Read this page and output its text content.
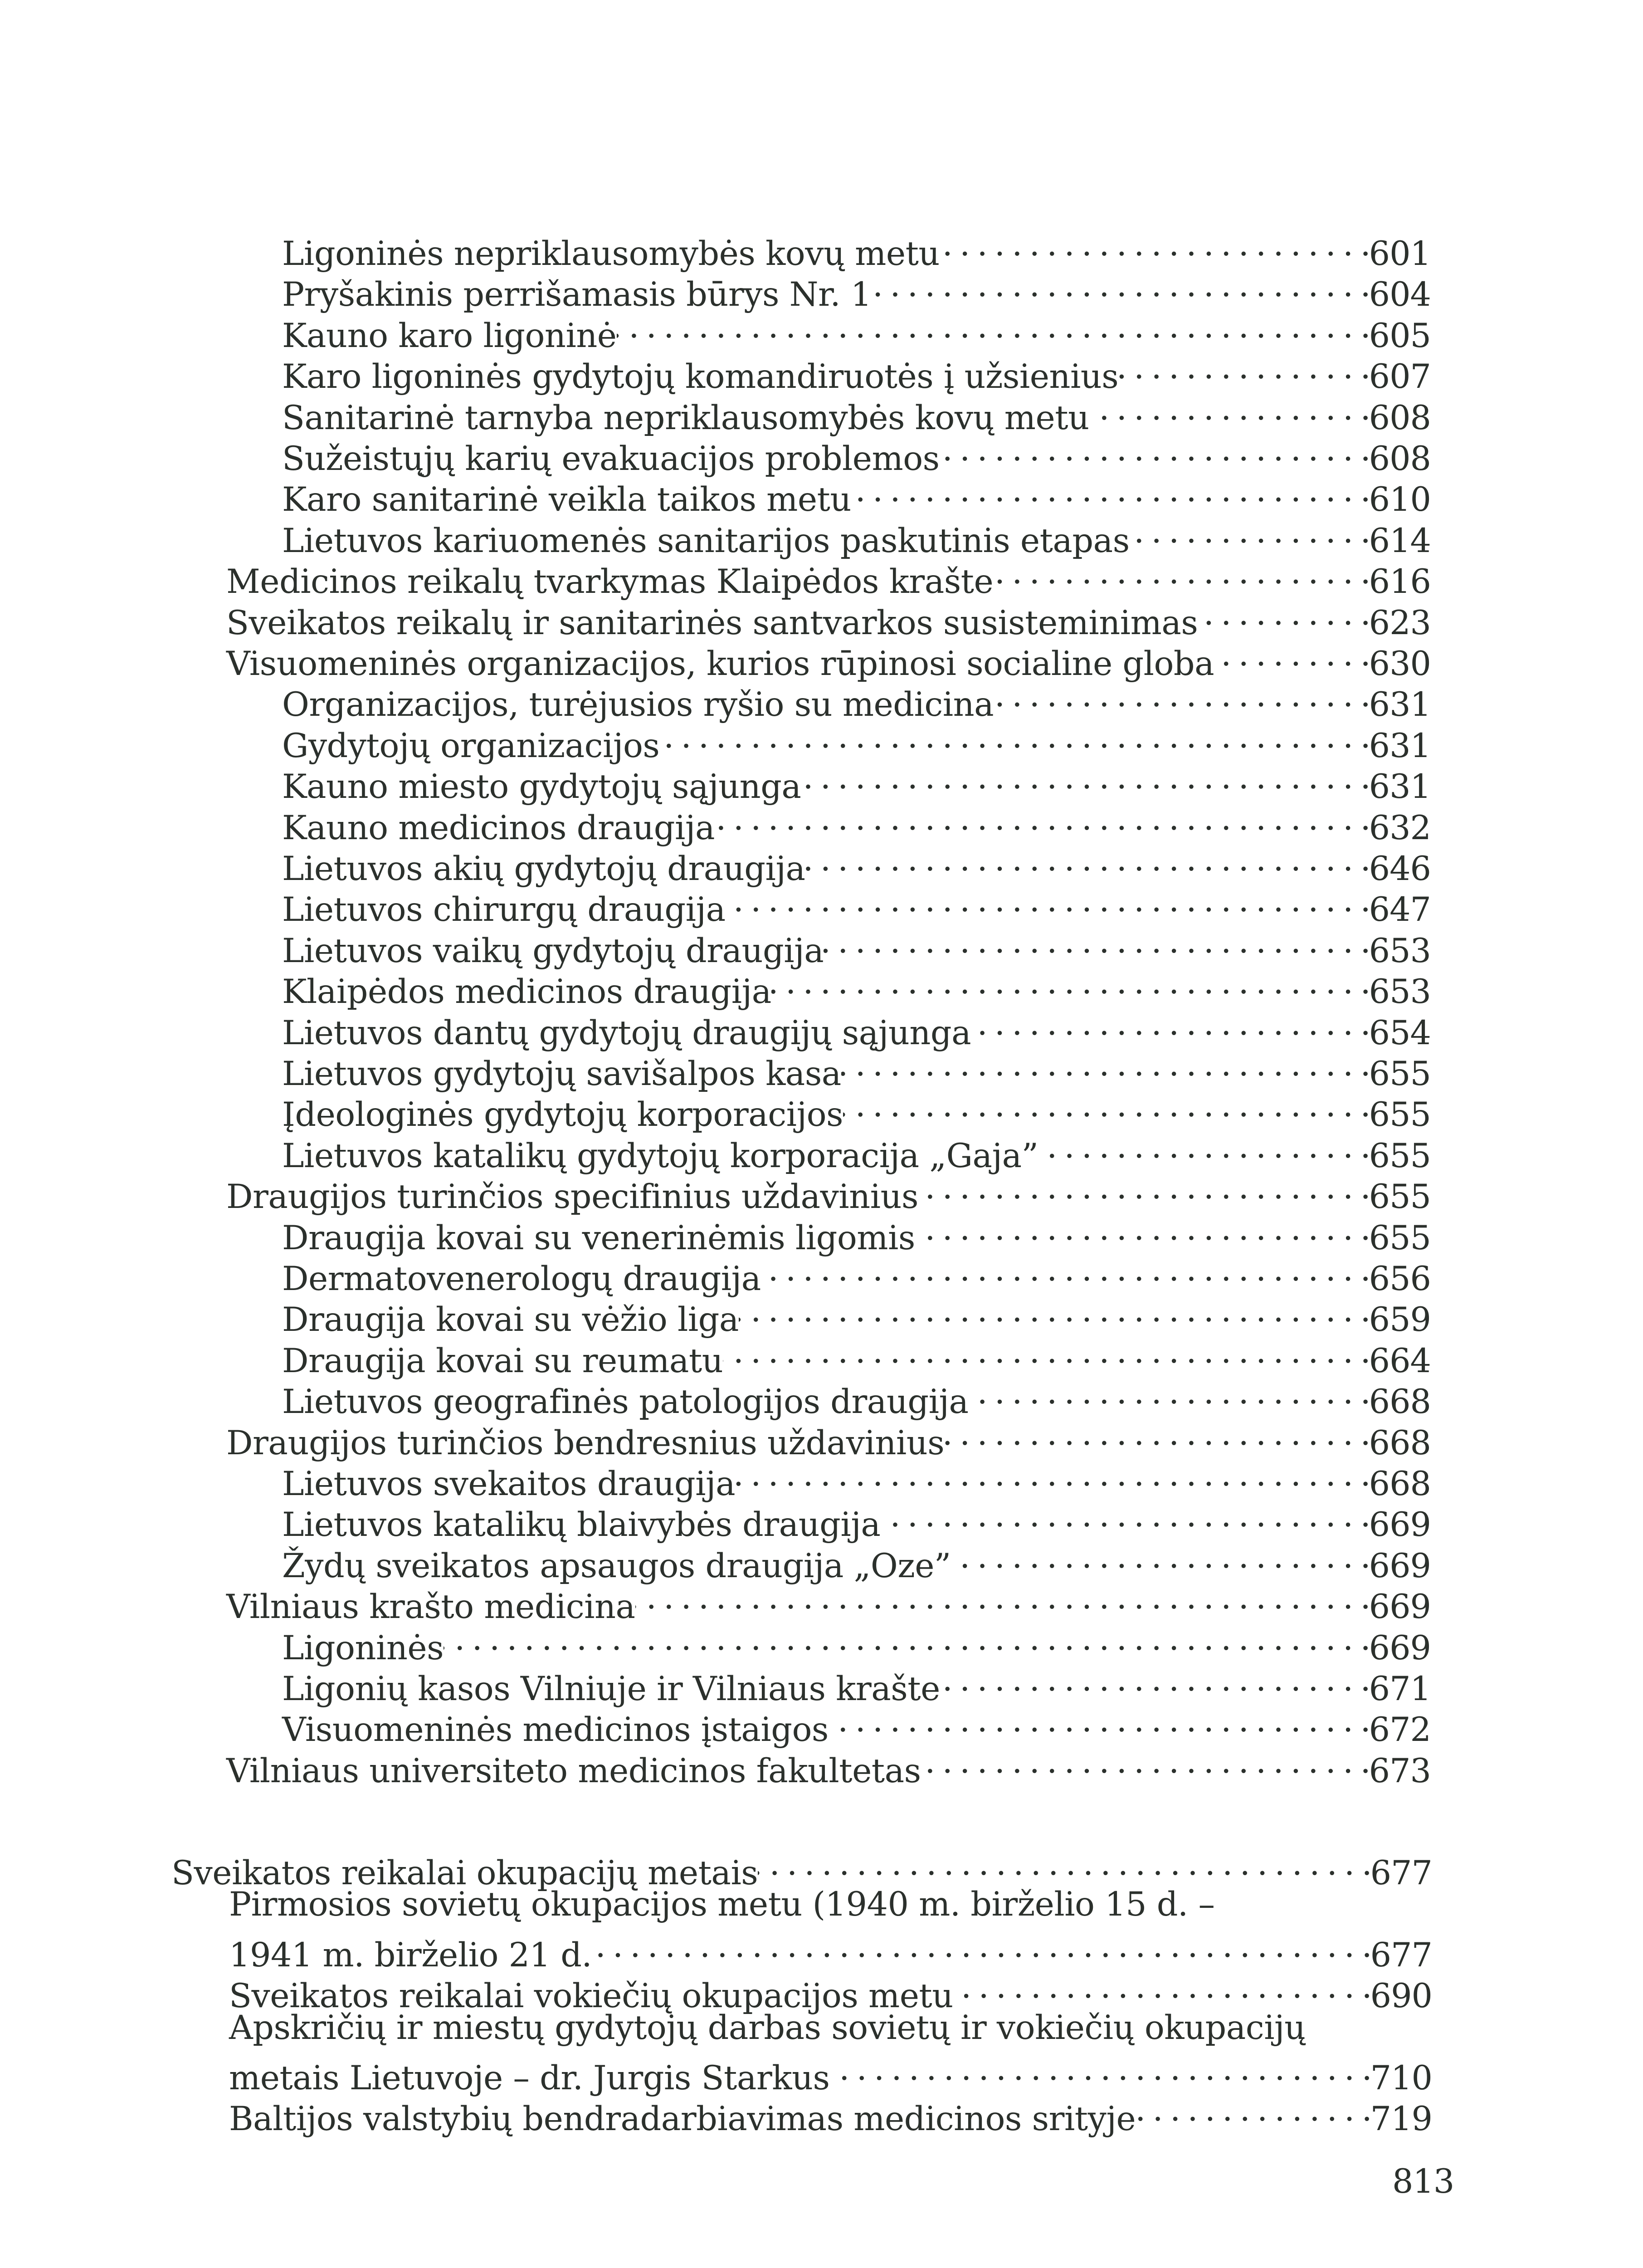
Ligoninės nepriklausomybės kovų metu . . .	601
Pryšakinis perrišamasis būrys Nr. 1 . . .	604
Kauno karo ligoninė . . .	605
Karo ligoninės gydytojų komandiruotės į užsienius . . .	607
Sanitarinė tarnyba nepriklausomybės kovų metu . . .	608
Sužeistųjų karių evakuacijos problemos . . .	608
Karo sanitarinė veikla taikos metu . . .	610
Lietuvos kariuomenės sanitarijos paskutinis etapas . . .	614
Medicinos reikalų tvarkymas Klaipėdos krašte . . .	616
Sveikatos reikalų ir sanitarinės santvarkos susisteminimas . . .	623
Visuomeninės organizacijos, kurios rūpinosi socialine globa . . .	630
Organizacijos, turėjusios ryšio su medicina . . .	631
Gydytojų organizacijos . . .	631
Kauno miesto gydytojų sąjunga . . .	631
Kauno medicinos draugija . . .	632
Lietuvos akių gydytojų draugija . . .	646
Lietuvos chirurgų draugija . . .	647
Lietuvos vaikų gydytojų draugija . . .	653
Klaipėdos medicinos draugija . . .	653
Lietuvos dantų gydytojų draugijų sąjunga . . .	654
Lietuvos gydytojų savišalpos kasa . . .	655
Įdeologinės gydytojų korporacijos . . .	655
Lietuvos katalikų gydytojų korporacija „Gaja” . . .	655
Draugijos turinčios specifinius uždavinius . . .	655
Draugija kovai su venerinėmis ligomis . . .	655
Dermatovenerologų draugija . . .	656
Draugija kovai su vėžio liga . . .	659
Draugija kovai su reumatu . . .	664
Lietuvos geografinės patologijos draugija . . .	668
Draugijos turinčios bendresnius uždavinius . . .	668
Lietuvos svekaitos draugija . . .	668
Lietuvos katalikų blaivybės draugija . . .	669
Žydų sveikatos apsaugos draugija „Oze” . . .	669
Vilniaus krašto medicina . . .	669
Ligoninės . . .	669
Ligonių kasos Vilniuje ir Vilniaus krašte . . .	671
Visuomeninės medicinos įstaigos . . .	672
Vilniaus universiteto medicinos fakultetas . . .	673
Sveikatos reikalai okupacijų metais . . .	677
Pirmosios sovietų okupacijos metu (1940 m. birželio 15 d. –
1941 m. birželio 21 d. . . .	677
Sveikatos reikalai vokiečių okupacijos metu . . .	690
Apskričių ir miestų gydytojų darbas sovietų ir vokiečių okupacijų
metais Lietuvoje – dr. Jurgis Starkus . . .	710
Baltijos valstybių bendradarbiavimas medicinos srityje . . .	719
813
